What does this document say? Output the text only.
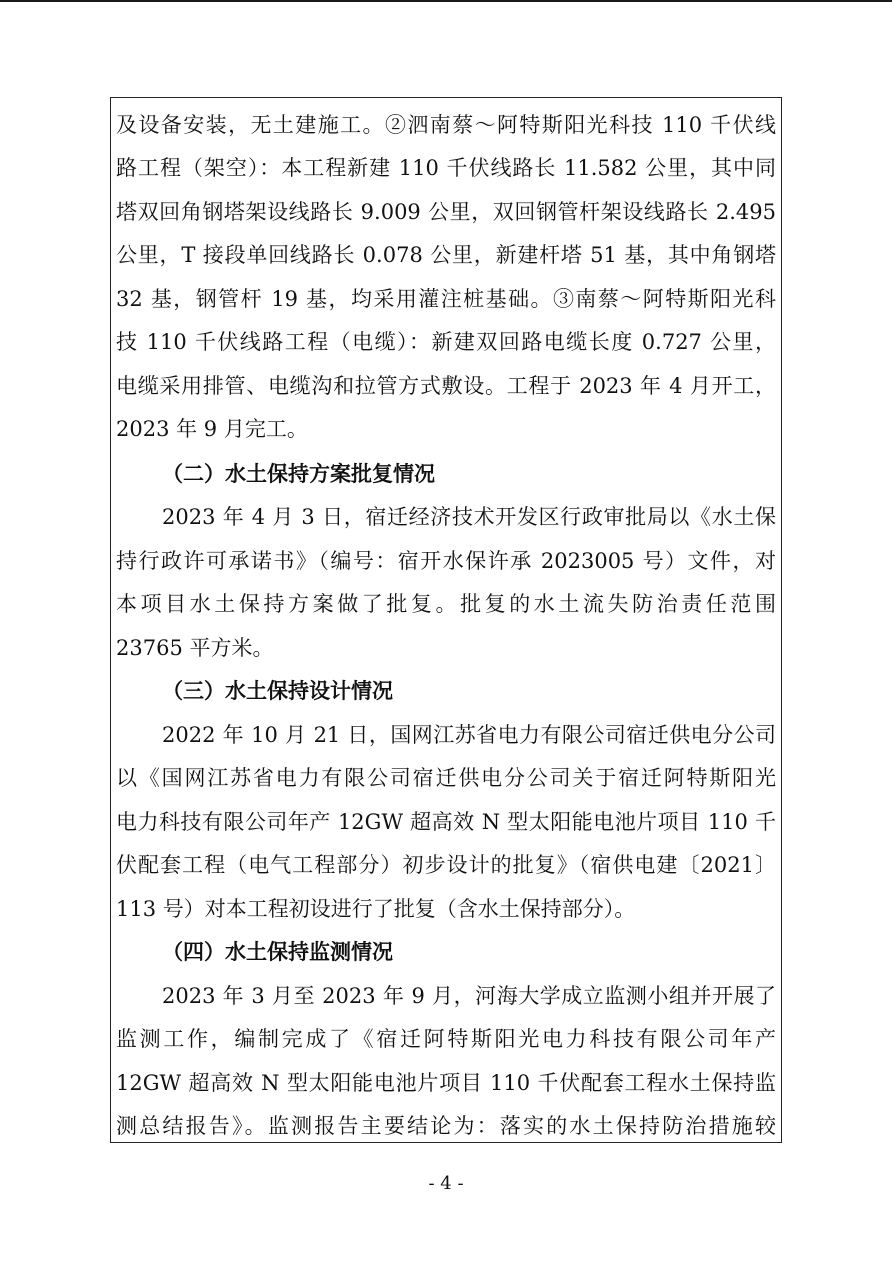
及设备安装，无土建施工。②泗南蔡～阿特斯阳光科技 110 千伏线
路工程（架空）：本工程新建 110 千伏线路长 11.582 公里，其中同
塔双回角钢塔架设线路长 9.009 公里，双回钢管杆架设线路长 2.495
公里，T 接段单回线路长 0.078 公里，新建杆塔 51 基，其中角钢塔
32 基，钢管杆 19 基，均采用灌注桩基础。③南蔡～阿特斯阳光科
技 110 千伏线路工程（电缆）：新建双回路电缆长度 0.727 公里，
电缆采用排管、电缆沟和拉管方式敷设。工程于 2023 年 4 月开工，
2023 年 9 月完工。
（二）水土保持方案批复情况
2023 年 4 月 3 日，宿迁经济技术开发区行政审批局以《水土保
持行政许可承诺书》（编号：宿开水保许承 2023005 号）文件，对
本项目水土保持方案做了批复。批复的水土流失防治责任范围
23765 平方米。
（三）水土保持设计情况
2022 年 10 月 21 日，国网江苏省电力有限公司宿迁供电分公司
以《国网江苏省电力有限公司宿迁供电分公司关于宿迁阿特斯阳光
电力科技有限公司年产 12GW 超高效 N 型太阳能电池片项目 110 千
伏配套工程（电气工程部分）初步设计的批复》（宿供电建〔2021〕
113 号）对本工程初设进行了批复（含水土保持部分）。
（四）水土保持监测情况
2023 年 3 月至 2023 年 9 月，河海大学成立监测小组并开展了
监测工作，编制完成了《宿迁阿特斯阳光电力科技有限公司年产
12GW 超高效 N 型太阳能电池片项目 110 千伏配套工程水土保持监
测总结报告》。监测报告主要结论为：落实的水土保持防治措施较
- 4 -
